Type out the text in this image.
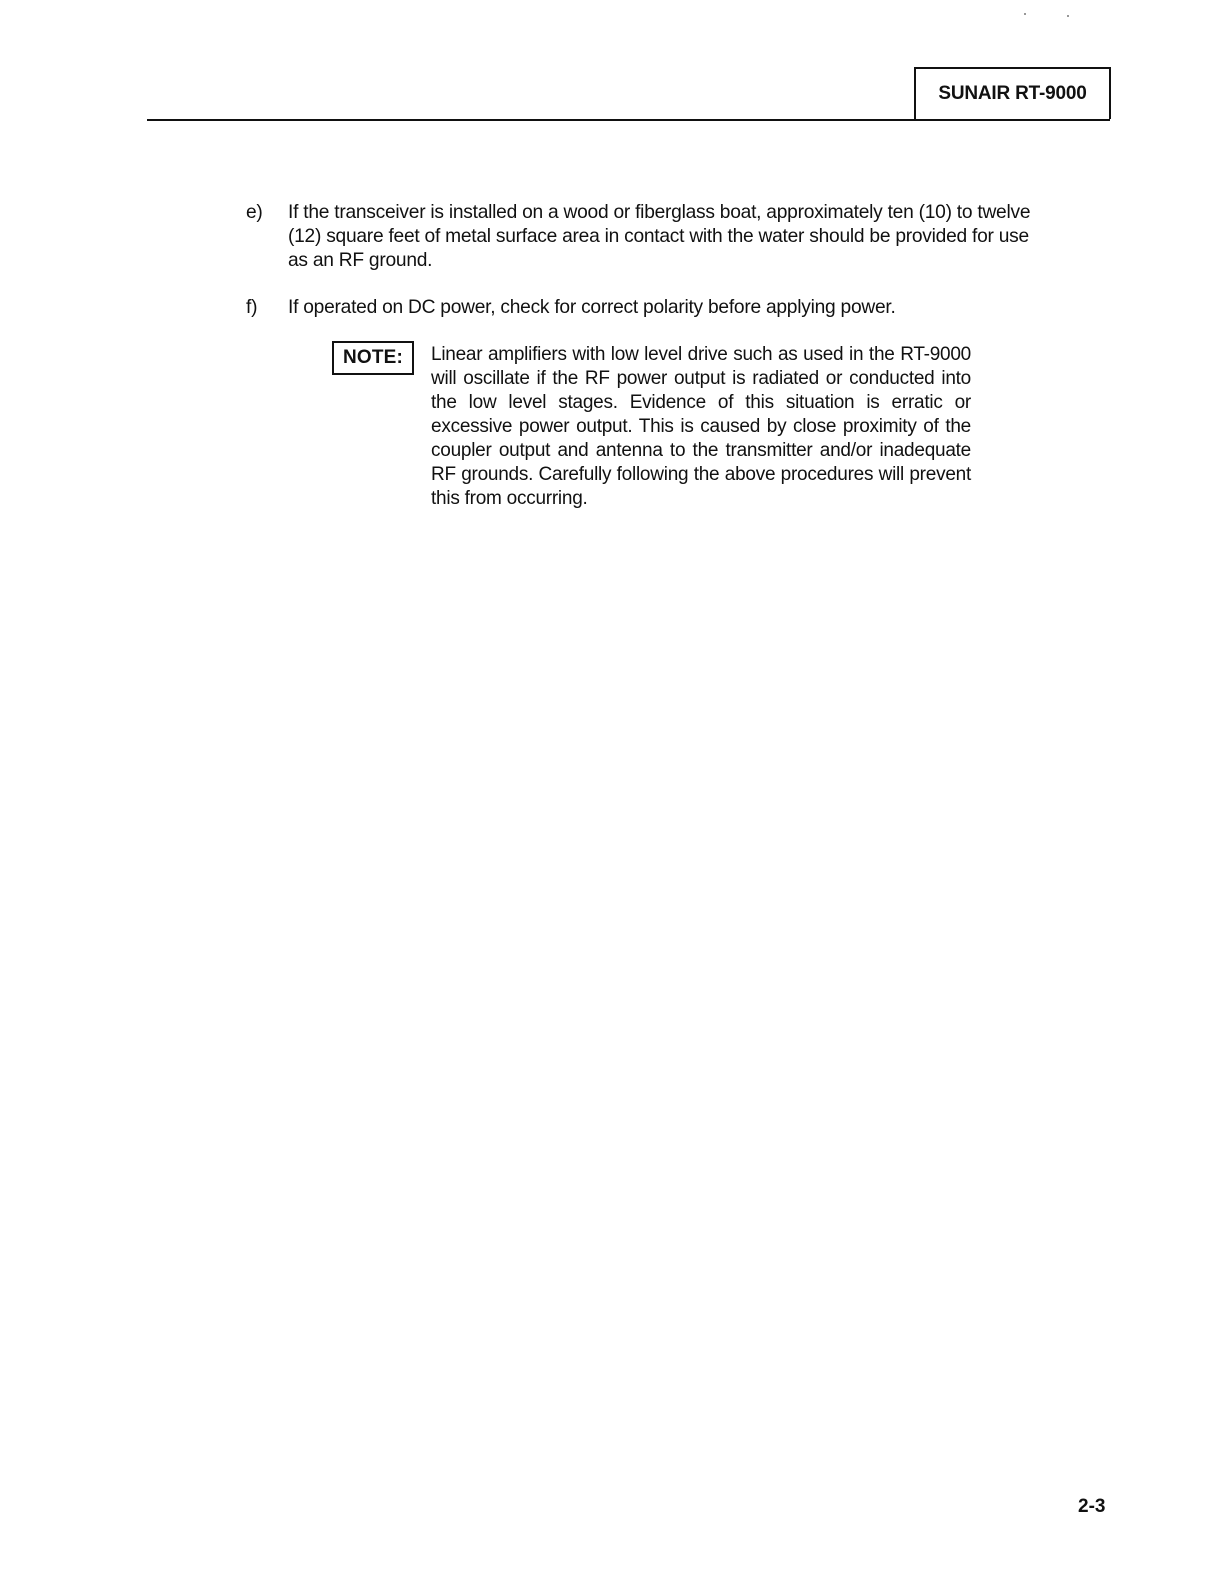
SUNAIR RT-9000
e) If the transceiver is installed on a wood or fiberglass boat, approximately ten (10) to twelve (12) square feet of metal surface area in contact with the water should be provided for use as an RF ground.
f) If operated on DC power, check for correct polarity before applying power.
NOTE:	Linear amplifiers with low level drive such as used in the RT-9000 will oscillate if the RF power output is radiated or conducted into the low level stages. Evidence of this situation is erratic or excessive power output. This is caused by close proximity of the coupler output and antenna to the transmitter and/or inadequate RF grounds. Carefully following the above procedures will prevent this from occurring.
2-3
